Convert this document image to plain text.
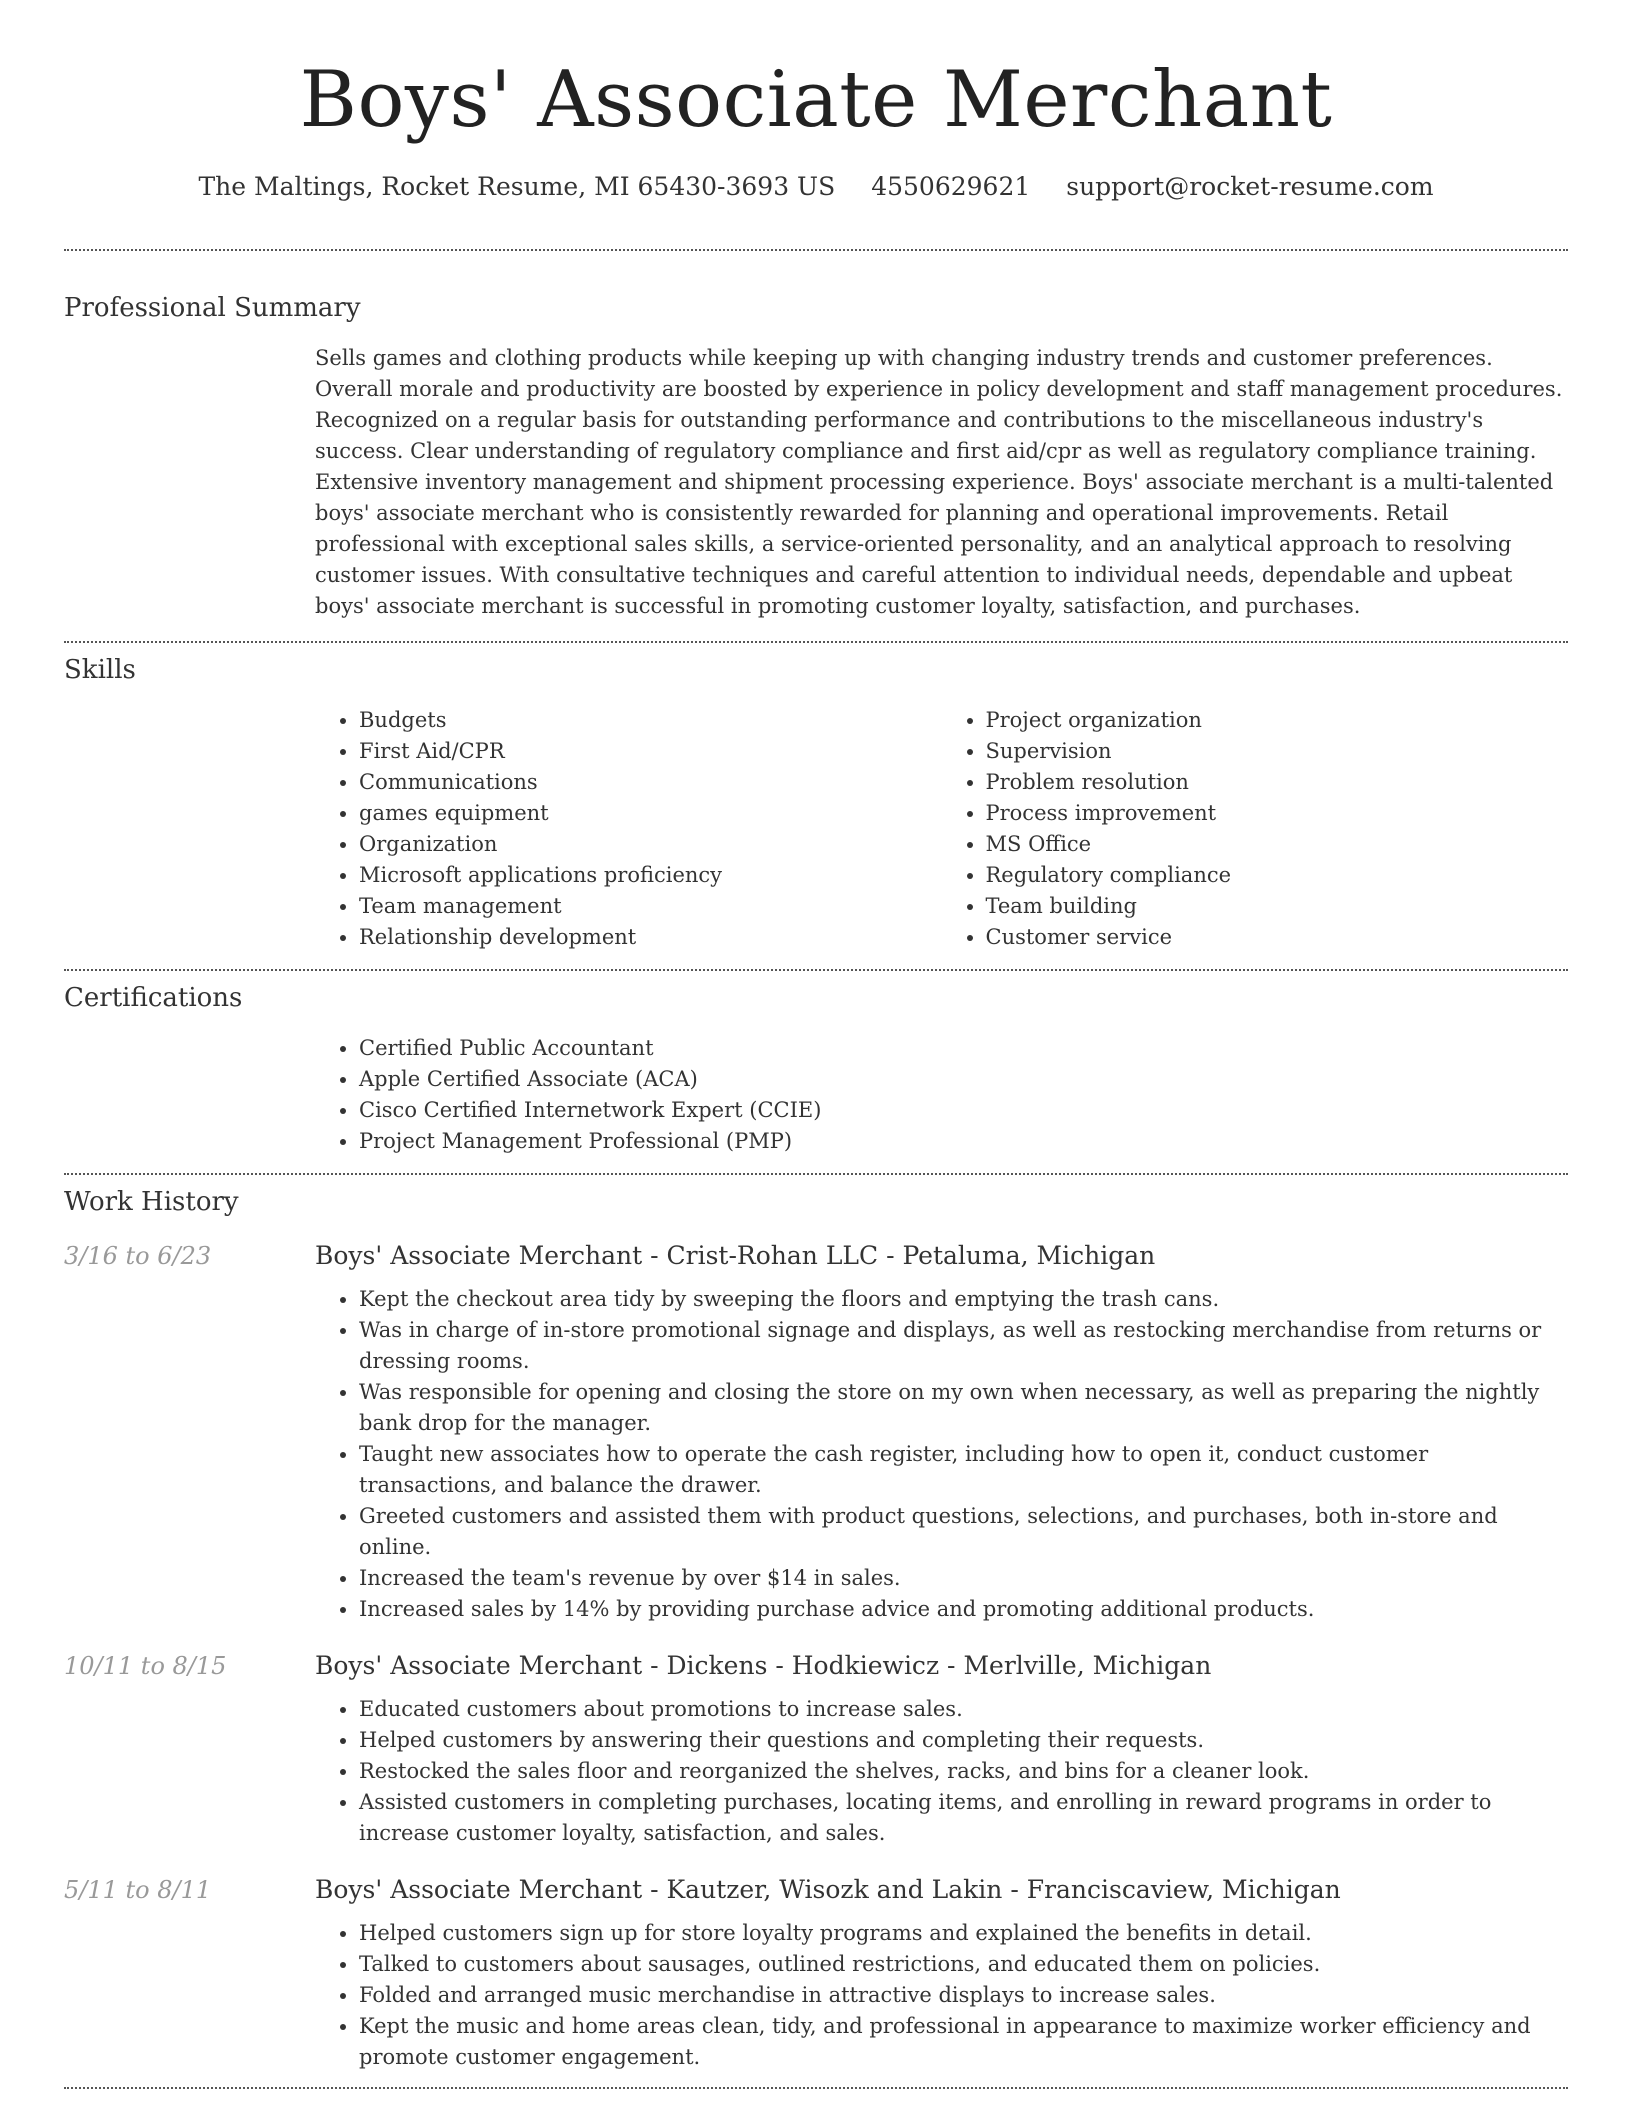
Boys' Associate Merchant
The Maltings, Rocket Resume, MI 65430-3693 US 4550629621 support@rocket-resume.com
Professional Summary

Sells games and clothing products while keeping up with changing industry trends and customer preferences. Overall morale and productivity are boosted by experience in policy development and staff management procedures. Recognized on a regular basis for outstanding performance and contributions to the miscellaneous industry's success. Clear understanding of regulatory compliance and first aid/cpr as well as regulatory compliance training. Extensive inventory management and shipment processing experience. Boys' associate merchant is a multi-talented boys' associate merchant who is consistently rewarded for planning and operational improvements. Retail professional with exceptional sales skills, a service-oriented personality, and an analytical approach to resolving customer issues. With consultative techniques and careful attention to individual needs, dependable and upbeat boys' associate merchant is successful in promoting customer loyalty, satisfaction, and purchases.

Skills
• Budgets
• First Aid/CPR
• Communications
• games equipment
• Organization
• Microsoft applications proficiency
• Team management
• Relationship development
• Project organization
• Supervision
• Problem resolution
• Process improvement
• MS Office
• Regulatory compliance
• Team building
• Customer service
Certifications
• Certified Public Accountant
• Apple Certified Associate (ACA)
• Cisco Certified Internetwork Expert (CCIE)
• Project Management Professional (PMP)
Work History
3/16 to 6/23	Boys' Associate Merchant - Crist-Rohan LLC - Petaluma, Michigan
• Kept the checkout area tidy by sweeping the floors and emptying the trash cans.
• Was in charge of in-store promotional signage and displays, as well as restocking merchandise from returns or dressing rooms.
• Was responsible for opening and closing the store on my own when necessary, as well as preparing the nightly bank drop for the manager.
• Taught new associates how to operate the cash register, including how to open it, conduct customer transactions, and balance the drawer.
• Greeted customers and assisted them with product questions, selections, and purchases, both in-store and online.
• Increased the team's revenue by over $14 in sales.
• Increased sales by 14% by providing purchase advice and promoting additional products.
10/11 to 8/15	Boys' Associate Merchant - Dickens - Hodkiewicz - Merlville, Michigan
• Educated customers about promotions to increase sales.
• Helped customers by answering their questions and completing their requests.
• Restocked the sales floor and reorganized the shelves, racks, and bins for a cleaner look.
• Assisted customers in completing purchases, locating items, and enrolling in reward programs in order to increase customer loyalty, satisfaction, and sales.
5/11 to 8/11	Boys' Associate Merchant - Kautzer, Wisozk and Lakin - Franciscaview, Michigan
• Helped customers sign up for store loyalty programs and explained the benefits in detail.
• Talked to customers about sausages, outlined restrictions, and educated them on policies.
• Folded and arranged music merchandise in attractive displays to increase sales.
• Kept the music and home areas clean, tidy, and professional in appearance to maximize worker efficiency and promote customer engagement.
